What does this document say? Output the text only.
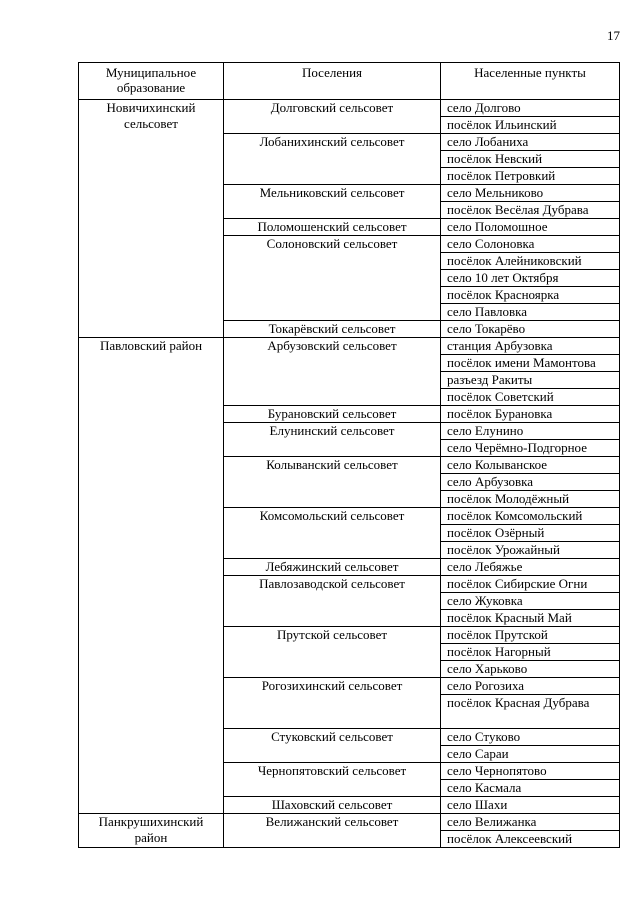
17
Муниципальное образование	Поселения	Населенные пункты
Новичихинский сельсовет	Долговский сельсовет	село Долгово
		посёлок Ильинский
	Лобанихинский сельсовет	село Лобаниха
		посёлок Невский
		посёлок Петровкий
	Мельниковский сельсовет	село Мельниково
		посёлок Весёлая Дубрава
	Поломошенский сельсовет	село Поломошное
	Солоновский сельсовет	село Солоновка
		посёлок Алейниковский
		село 10 лет Октября
		посёлок Красноярка
		село Павловка
	Токарёвский сельсовет	село Токарёво
Павловский район	Арбузовский сельсовет	станция Арбузовка
		посёлок имени Мамонтова
		разъезд Ракиты
		посёлок Советский
	Бурановский сельсовет	посёлок Бурановка
	Елунинский сельсовет	село Елунино
		село Черёмно-Подгорное
	Колыванский сельсовет	село Колыванское
		село Арбузовка
		посёлок Молодёжный
	Комсомольский сельсовет	посёлок Комсомольский
		посёлок Озёрный
		посёлок Урожайный
	Лебяжинский сельсовет	село Лебяжье
	Павлозаводской сельсовет	посёлок Сибирские Огни
		село Жуковка
		посёлок Красный Май
	Прутской сельсовет	посёлок Прутской
		посёлок Нагорный
		село Харьково
	Рогозихинский сельсовет	село Рогозиха
		посёлок Красная Дубрава
	Стуковский сельсовет	село Стуково
		село Сараи
	Чернопятовский сельсовет	село Чернопятово
		село Касмала
	Шаховский сельсовет	село Шахи
Панкрушихинский район	Велижанский сельсовет	село Велижанка
		посёлок Алексеевский
